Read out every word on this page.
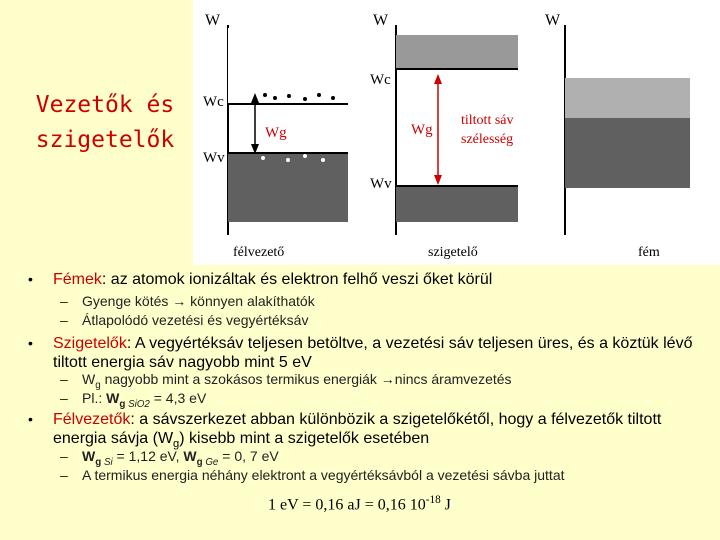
Vezetők és
szigetelők
W
Wc
Wv
Wg
félvezető
W
Wc
Wv
Wg
tiltott sáv
szélesség
szigetelő
W
fém
• Fémek: az atomok ionizáltak és elektron felhő veszi őket körül
– Gyenge kötés → könnyen alakíthatók
– Átlapolódó vezetési és vegyértéksáv
• Szigetelők: A vegyértéksáv teljesen betöltve, a vezetési sáv teljesen üres, és a köztük lévő tiltott energia sáv nagyobb mint 5 eV
– $W_g$ nagyobb mint a szokásos termikus energiák →nincs áramvezetés
– Pl.: $W_{g SiO2} = 4,3$ eV
• Félvezetők: a sávszerkezet abban különbözik a szigetelőkétől, hogy a félvezetők tiltott energia sávja $(W_g)$ kisebb mint a szigetelők esetében
– $W_{g Si} = 1,12$ eV, $W_{g Ge} = 0$, 7 eV
– A termikus energia néhány elektront a vegyértéksávból a vezetési sávba juttat
1 eV = 0,16 aJ = 0,16 $10^{-18}$ J
